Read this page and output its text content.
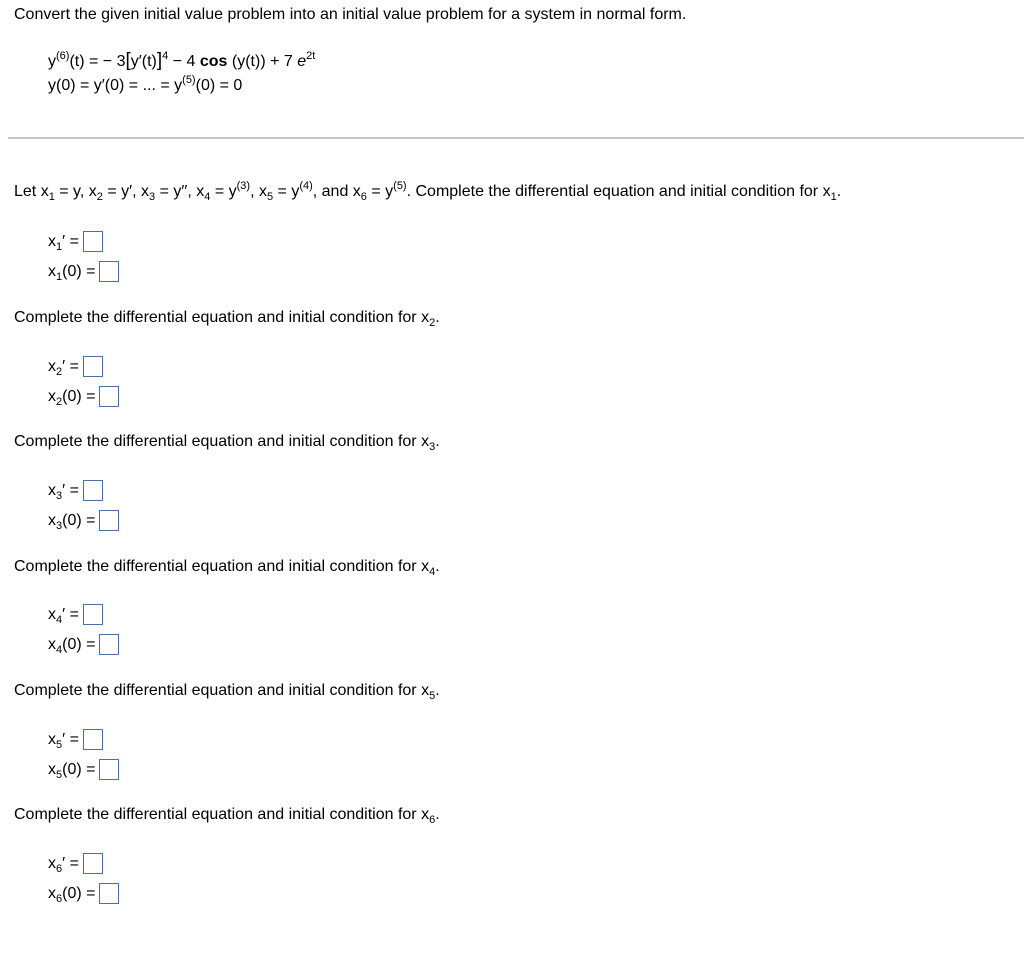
Convert the given initial value problem into an initial value problem for a system in normal form.
$y^{(6)}(t)$ = − $3[y'(t)]^4 - 4$ cos (y(t)) + 7 $e^{2t}$
y(0) = y′(0) = ... = $y^{(5)}(0) = 0$
Let $x_1 = y$, $x_2 = y'$, $x_3 = y''$, $x_4 = y^{(3)}$, $x_5 = y^{(4)}$, and $x_6 = y^{(5)}$. Complete the differential equation and initial condition for $x_1$.
$x_1'$ =
$x_1(0)$ =
Complete the differential equation and initial condition for $x_2$.
$x_2'$ =
$x_2(0)$ =
Complete the differential equation and initial condition for $x_3$.
$x_3'$ =
$x_3(0)$ =
Complete the differential equation and initial condition for $x_4$.
$x_4'$ =
$x_4(0)$ =
Complete the differential equation and initial condition for $x_5$.
$x_5'$ =
$x_5(0)$ =
Complete the differential equation and initial condition for $x_6$.
$x_6'$ =
$x_6(0)$ =
